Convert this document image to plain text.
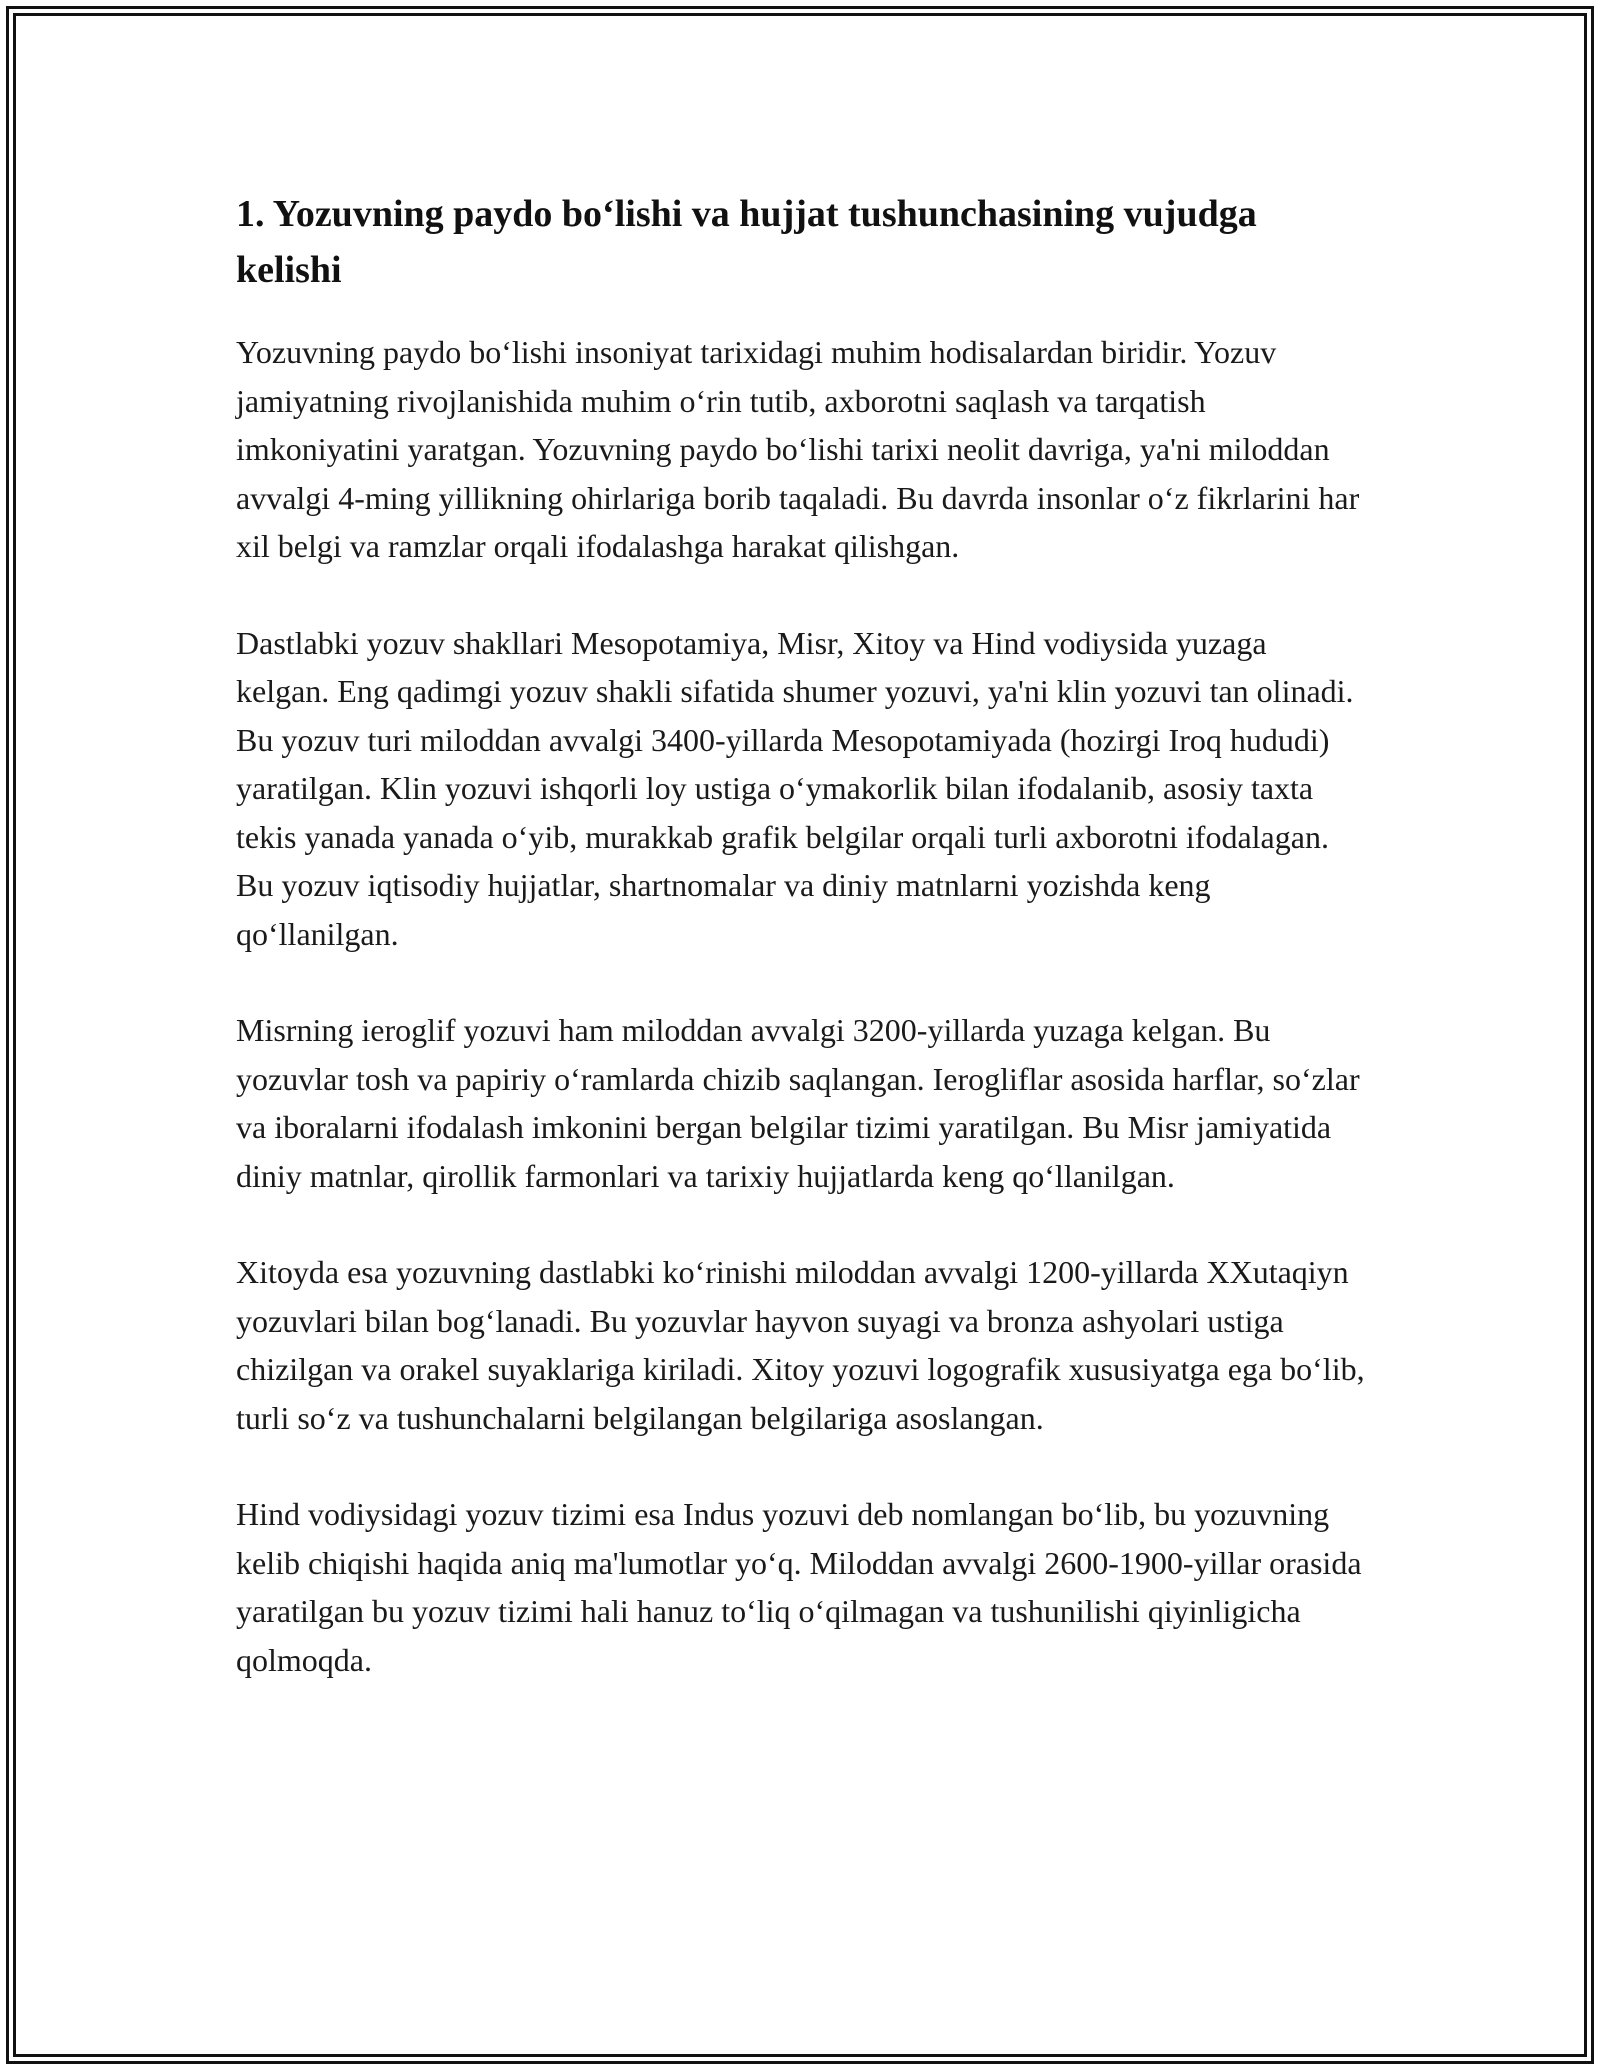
1. Yozuvning paydo boʻlishi va hujjat tushunchasining vujudga kelishi

Yozuvning paydo boʻlishi insoniyat tarixidagi muhim hodisalardan biridir. Yozuv jamiyatning rivojlanishida muhim oʻrin tutib, axborotni saqlash va tarqatish imkoniyatini yaratgan. Yozuvning paydo boʻlishi tarixi neolit davriga, ya'ni miloddan avvalgi 4-ming yillikning ohirlariga borib taqaladi. Bu davrda insonlar oʻz fikrlarini har xil belgi va ramzlar orqali ifodalashga harakat qilishgan.

Dastlabki yozuv shakllari Mesopotamiya, Misr, Xitoy va Hind vodiysida yuzaga kelgan. Eng qadimgi yozuv shakli sifatida shumer yozuvi, ya'ni klin yozuvi tan olinadi. Bu yozuv turi miloddan avvalgi 3400-yillarda Mesopotamiyada (hozirgi Iroq hududi) yaratilgan. Klin yozuvi ishqorli loy ustiga oʻymakorlik bilan ifodalanib, asosiy taxta tekis yanada yanada oʻyib, murakkab grafik belgilar orqali turli axborotni ifodalagan. Bu yozuv iqtisodiy hujjatlar, shartnomalar va diniy matnlarni yozishda keng qoʻllanilgan.

Misrning ieroglif yozuvi ham miloddan avvalgi 3200-yillarda yuzaga kelgan. Bu yozuvlar tosh va papiriy oʻramlarda chizib saqlangan. Ierogliflar asosida harflar, soʻzlar va iboralarni ifodalash imkonini bergan belgilar tizimi yaratilgan. Bu Misr jamiyatida diniy matnlar, qirollik farmonlari va tarixiy hujjatlarda keng qoʻllanilgan.

Xitoyda esa yozuvning dastlabki koʻrinishi miloddan avvalgi 1200-yillarda XXutaqiyn yozuvlari bilan bogʻlanadi. Bu yozuvlar hayvon suyagi va bronza ashyolari ustiga chizilgan va orakel suyaklariga kiriladi. Xitoy yozuvi logografik xususiyatga ega boʻlib, turli soʻz va tushunchalarni belgilangan belgilariga asoslangan.

Hind vodiysidagi yozuv tizimi esa Indus yozuvi deb nomlangan boʻlib, bu yozuvning kelib chiqishi haqida aniq ma'lumotlar yoʻq. Miloddan avvalgi 2600-1900-yillar orasida yaratilgan bu yozuv tizimi hali hanuz toʻliq oʻqilmagan va tushunilishi qiyinligicha qolmoqda.
